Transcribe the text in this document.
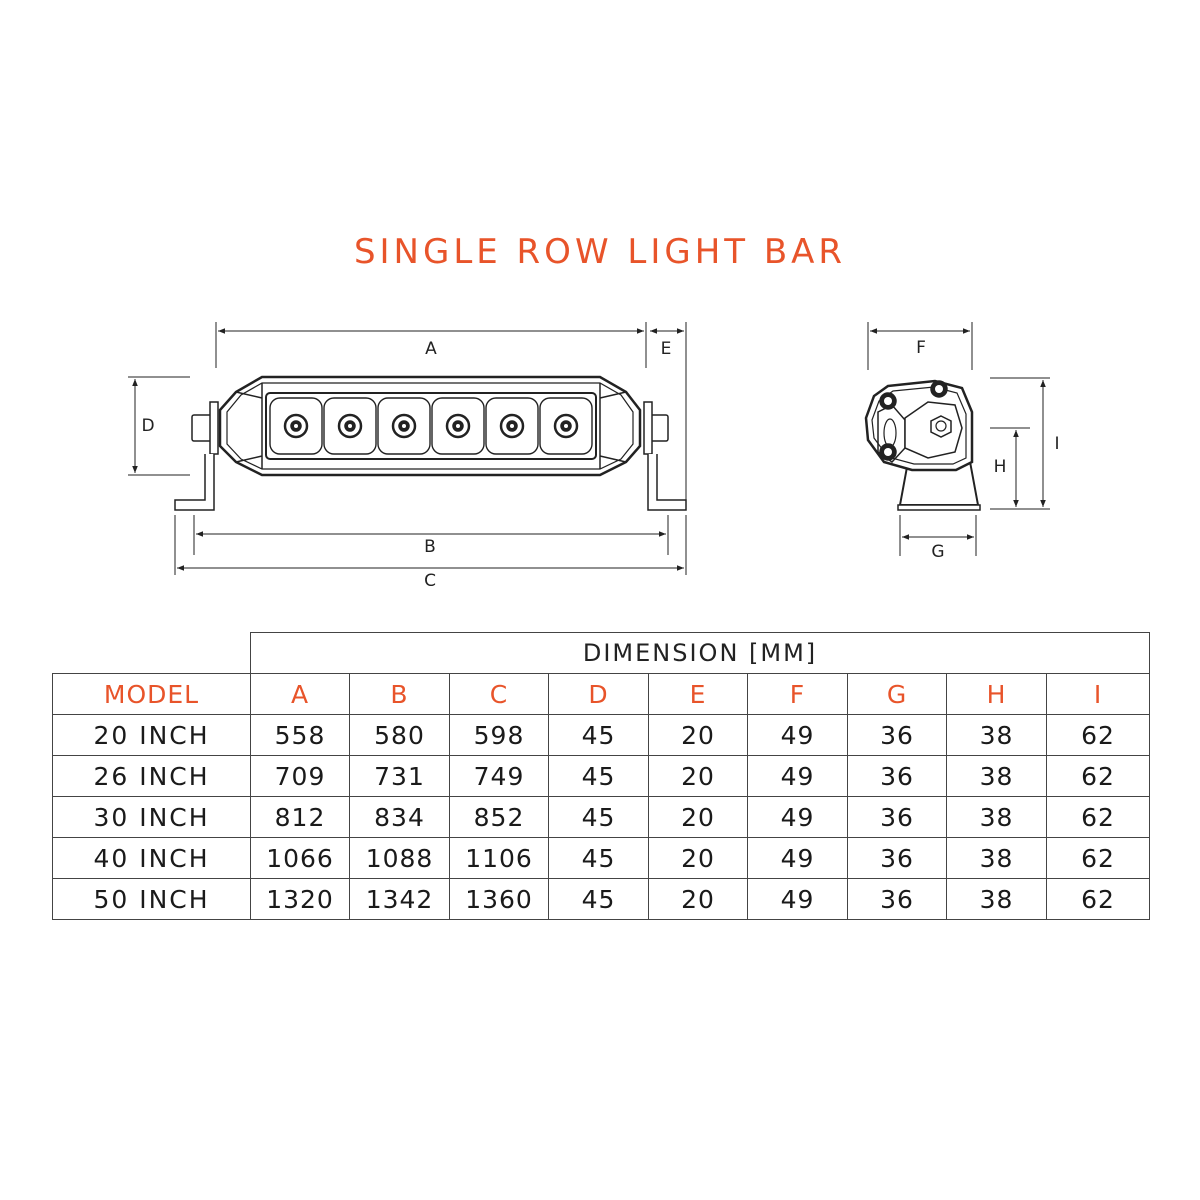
SINGLE ROW LIGHT BAR
A	E
D
B
C
F
G
H
I
	DIMENSION [MM]								
MODEL	A	B	C	D	E	F	G	H	I
20 INCH	558	580	598	45	20	49	36	38	62
26 INCH	709	731	749	45	20	49	36	38	62
30 INCH	812	834	852	45	20	49	36	38	62
40 INCH	1066	1088	1106	45	20	49	36	38	62
50 INCH	1320	1342	1360	45	20	49	36	38	62
